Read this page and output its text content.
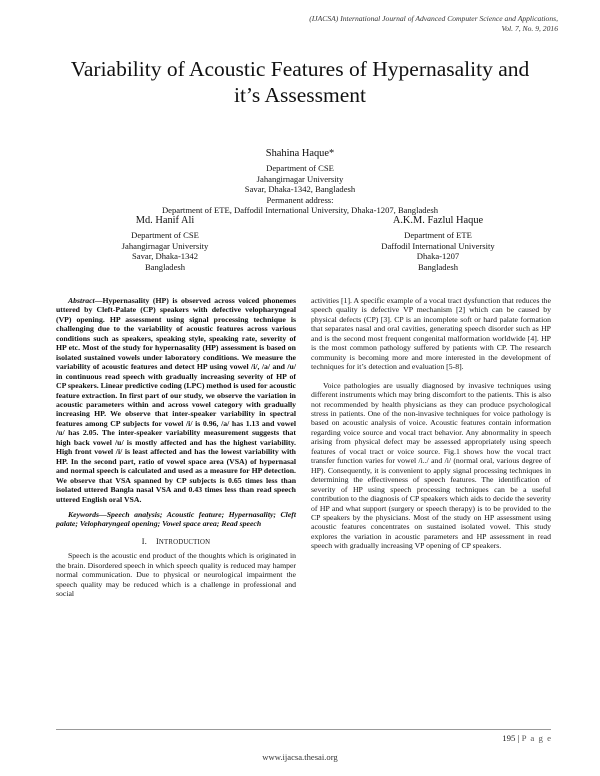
(IJACSA) International Journal of Advanced Computer Science and Applications,
Vol. 7, No. 9, 2016
Variability of Acoustic Features of Hypernasality and
it’s Assessment
Shahina Haque*
Department of CSE
Jahangirnagar University
Savar, Dhaka-1342, Bangladesh
Permanent address:
Department of ETE, Daffodil International University, Dhaka-1207, Bangladesh
Md. Hanif Ali
Department of CSE
Jahangirnagar University
Savar, Dhaka-1342
Bangladesh
A.K.M. Fazlul Haque
Department of ETE
Daffodil International University
Dhaka-1207
Bangladesh

Abstract—Hypernasality (HP) is observed across voiced phonemes uttered by Cleft-Palate (CP) speakers with defective velopharyngeal (VP) opening. HP assessment using signal processing technique is challenging due to the variability of acoustic features across various conditions such as speakers, speaking style, speaking rate, severity of HP etc. Most of the study for hypernasality (HP) assessment is based on isolated sustained vowels under laboratory conditions. We measure the variability of acoustic features and detect HP using vowel /i/, /a/ and /u/ in continuous read speech with gradually increasing severity of HP of CP speakers. Linear predictive coding (LPC) method is used for acoustic feature extraction. In first part of our study, we observe the variation in acoustic parameters within and across vowel category with gradually increasing HP. We observe that inter-speaker variability in spectral features among CP subjects for vowel /i/ is 0.96, /a/ has 1.13 and vowel /u/ has 2.05. The inter-speaker variability measurement suggests that high back vowel /u/ is mostly affected and has the highest variability. High front vowel /i/ is least affected and has the lowest variability with HP. In the second part, ratio of vowel space area (VSA) of hypernasal and normal speech is calculated and used as a measure for HP detection. We observe that VSA spanned by CP subjects is 0.65 times less than isolated uttered Bangla nasal VSA and 0.43 times less than read speech uttered English oral VSA.

Keywords—Speech analysis; Acoustic feature; Hypernasality; Cleft palate; Velopharyngeal opening; Vowel space area; Read speech

I. INTRODUCTION

Speech is the acoustic end product of the thoughts which is originated in the brain. Disordered speech in which speech quality is reduced may hamper normal communication. Due to physical or neurological impairment the speech quality may be reduced which is a challenge in professional and social

activities [1]. A specific example of a vocal tract dysfunction that reduces the speech quality is defective VP mechanism [2] which can be caused by physical defects (CP) [3]. CP is an incomplete soft or hard palate formation that separates nasal and oral cavities, generating speech disorder such as HP and is the second most frequent congenital malformation worldwide [4]. HP is the most common pathology suffered by patients with CP. The research community is becoming more and more interested in the development of techniques for it’s detection and evaluation [5-8].

Voice pathologies are usually diagnosed by invasive techniques using different instruments which may bring discomfort to the patients. This is also not recommended by health physicians as they can produce psychological stress in patients. One of the non-invasive techniques for voice pathology is based on acoustic analysis of voice. Acoustic features contain information regarding voice source and vocal tract behavior. Any abnormality in speech arising from physical defect may be assessed appropriately using speech features of vocal tract or voice source. Fig.1 shows how the vocal tract transfer function varies for vowel /i../ and /i/ (normal oral, various degree of HP). Consequently, it is convenient to apply signal processing techniques in determining the effectiveness of speech features. The identification of severity of HP using speech processing techniques can be a useful contribution to the diagnosis of CP speakers which aids to decide the severity of HP and what support (surgery or speech therapy) is to be provided to the CP speakers by the physicians. Most of the study on HP assessment using acoustic features concentrates on sustained isolated vowel. This study explores the variation in acoustic parameters and HP assessment in read speech with gradually increasing VP opening of CP speakers.

195 | P a g e
www.ijacsa.thesai.org
